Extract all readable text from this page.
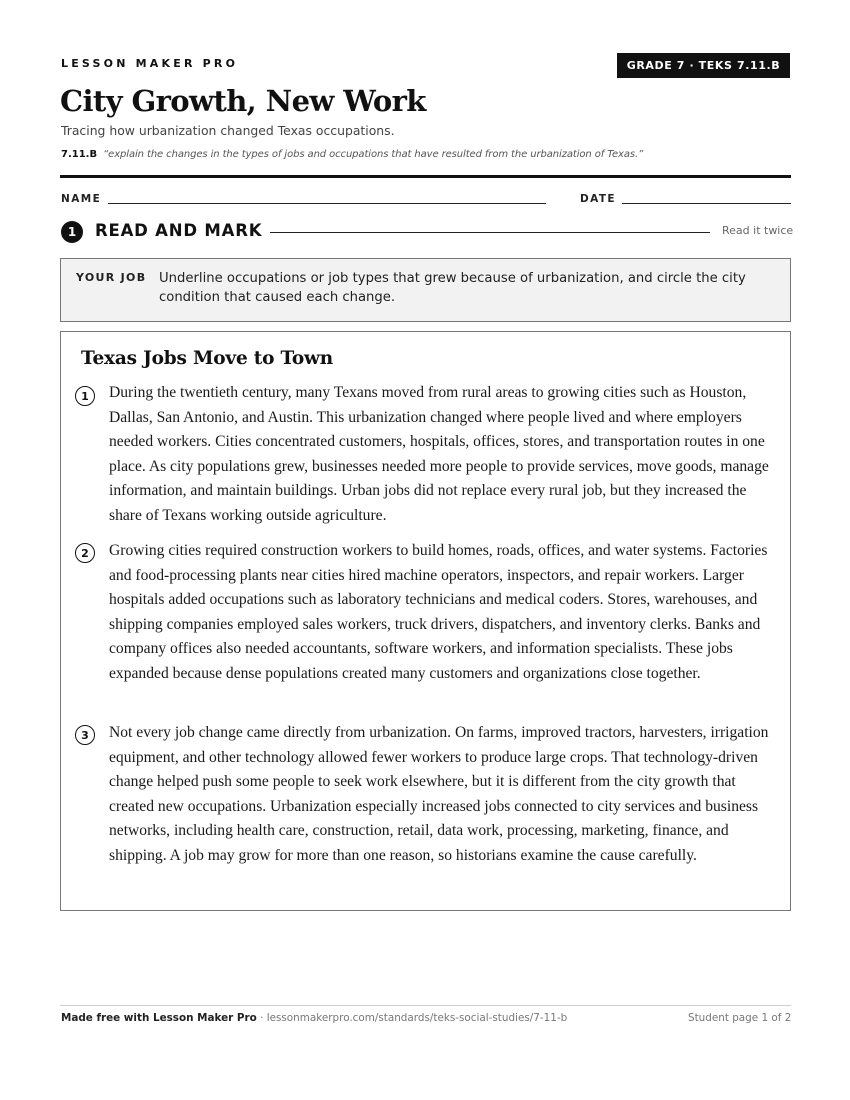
LESSON MAKER PRO	GRADE 7 · TEKS 7.11.B
City Growth, New Work
Tracing how urbanization changed Texas occupations.
7.11.B “explain the changes in the types of jobs and occupations that have resulted from the urbanization of Texas.”
NAME	DATE
1	READ AND MARK	Read it twice
YOUR JOB Underline occupations or job types that grew because of urbanization, and circle the city condition that caused each change.
Texas Jobs Move to Town
1	During the twentieth century, many Texans moved from rural areas to growing cities such as Houston, Dallas, San Antonio, and Austin. This urbanization changed where people lived and where employers needed workers. Cities concentrated customers, hospitals, offices, stores, and transportation routes in one place. As city populations grew, businesses needed more people to provide services, move goods, manage information, and maintain buildings. Urban jobs did not replace every rural job, but they increased the share of Texans working outside agriculture.

2	Growing cities required construction workers to build homes, roads, offices, and water systems. Factories and food-processing plants near cities hired machine operators, inspectors, and repair workers. Larger hospitals added occupations such as laboratory technicians and medical coders. Stores, warehouses, and shipping companies employed sales workers, truck drivers, dispatchers, and inventory clerks. Banks and company offices also needed accountants, software workers, and information specialists. These jobs expanded because dense populations created many customers and organizations close together.

3	Not every job change came directly from urbanization. On farms, improved tractors, harvesters, irrigation equipment, and other technology allowed fewer workers to produce large crops. That technology-driven change helped push some people to seek work elsewhere, but it is different from the city growth that created new occupations. Urbanization especially increased jobs connected to city services and business networks, including health care, construction, retail, data work, processing, marketing, finance, and shipping. A job may grow for more than one reason, so historians examine the cause carefully.

Made free with Lesson Maker Pro · lessonmakerpro.com/standards/teks-social-studies/7-11-b	Student page 1 of 2
